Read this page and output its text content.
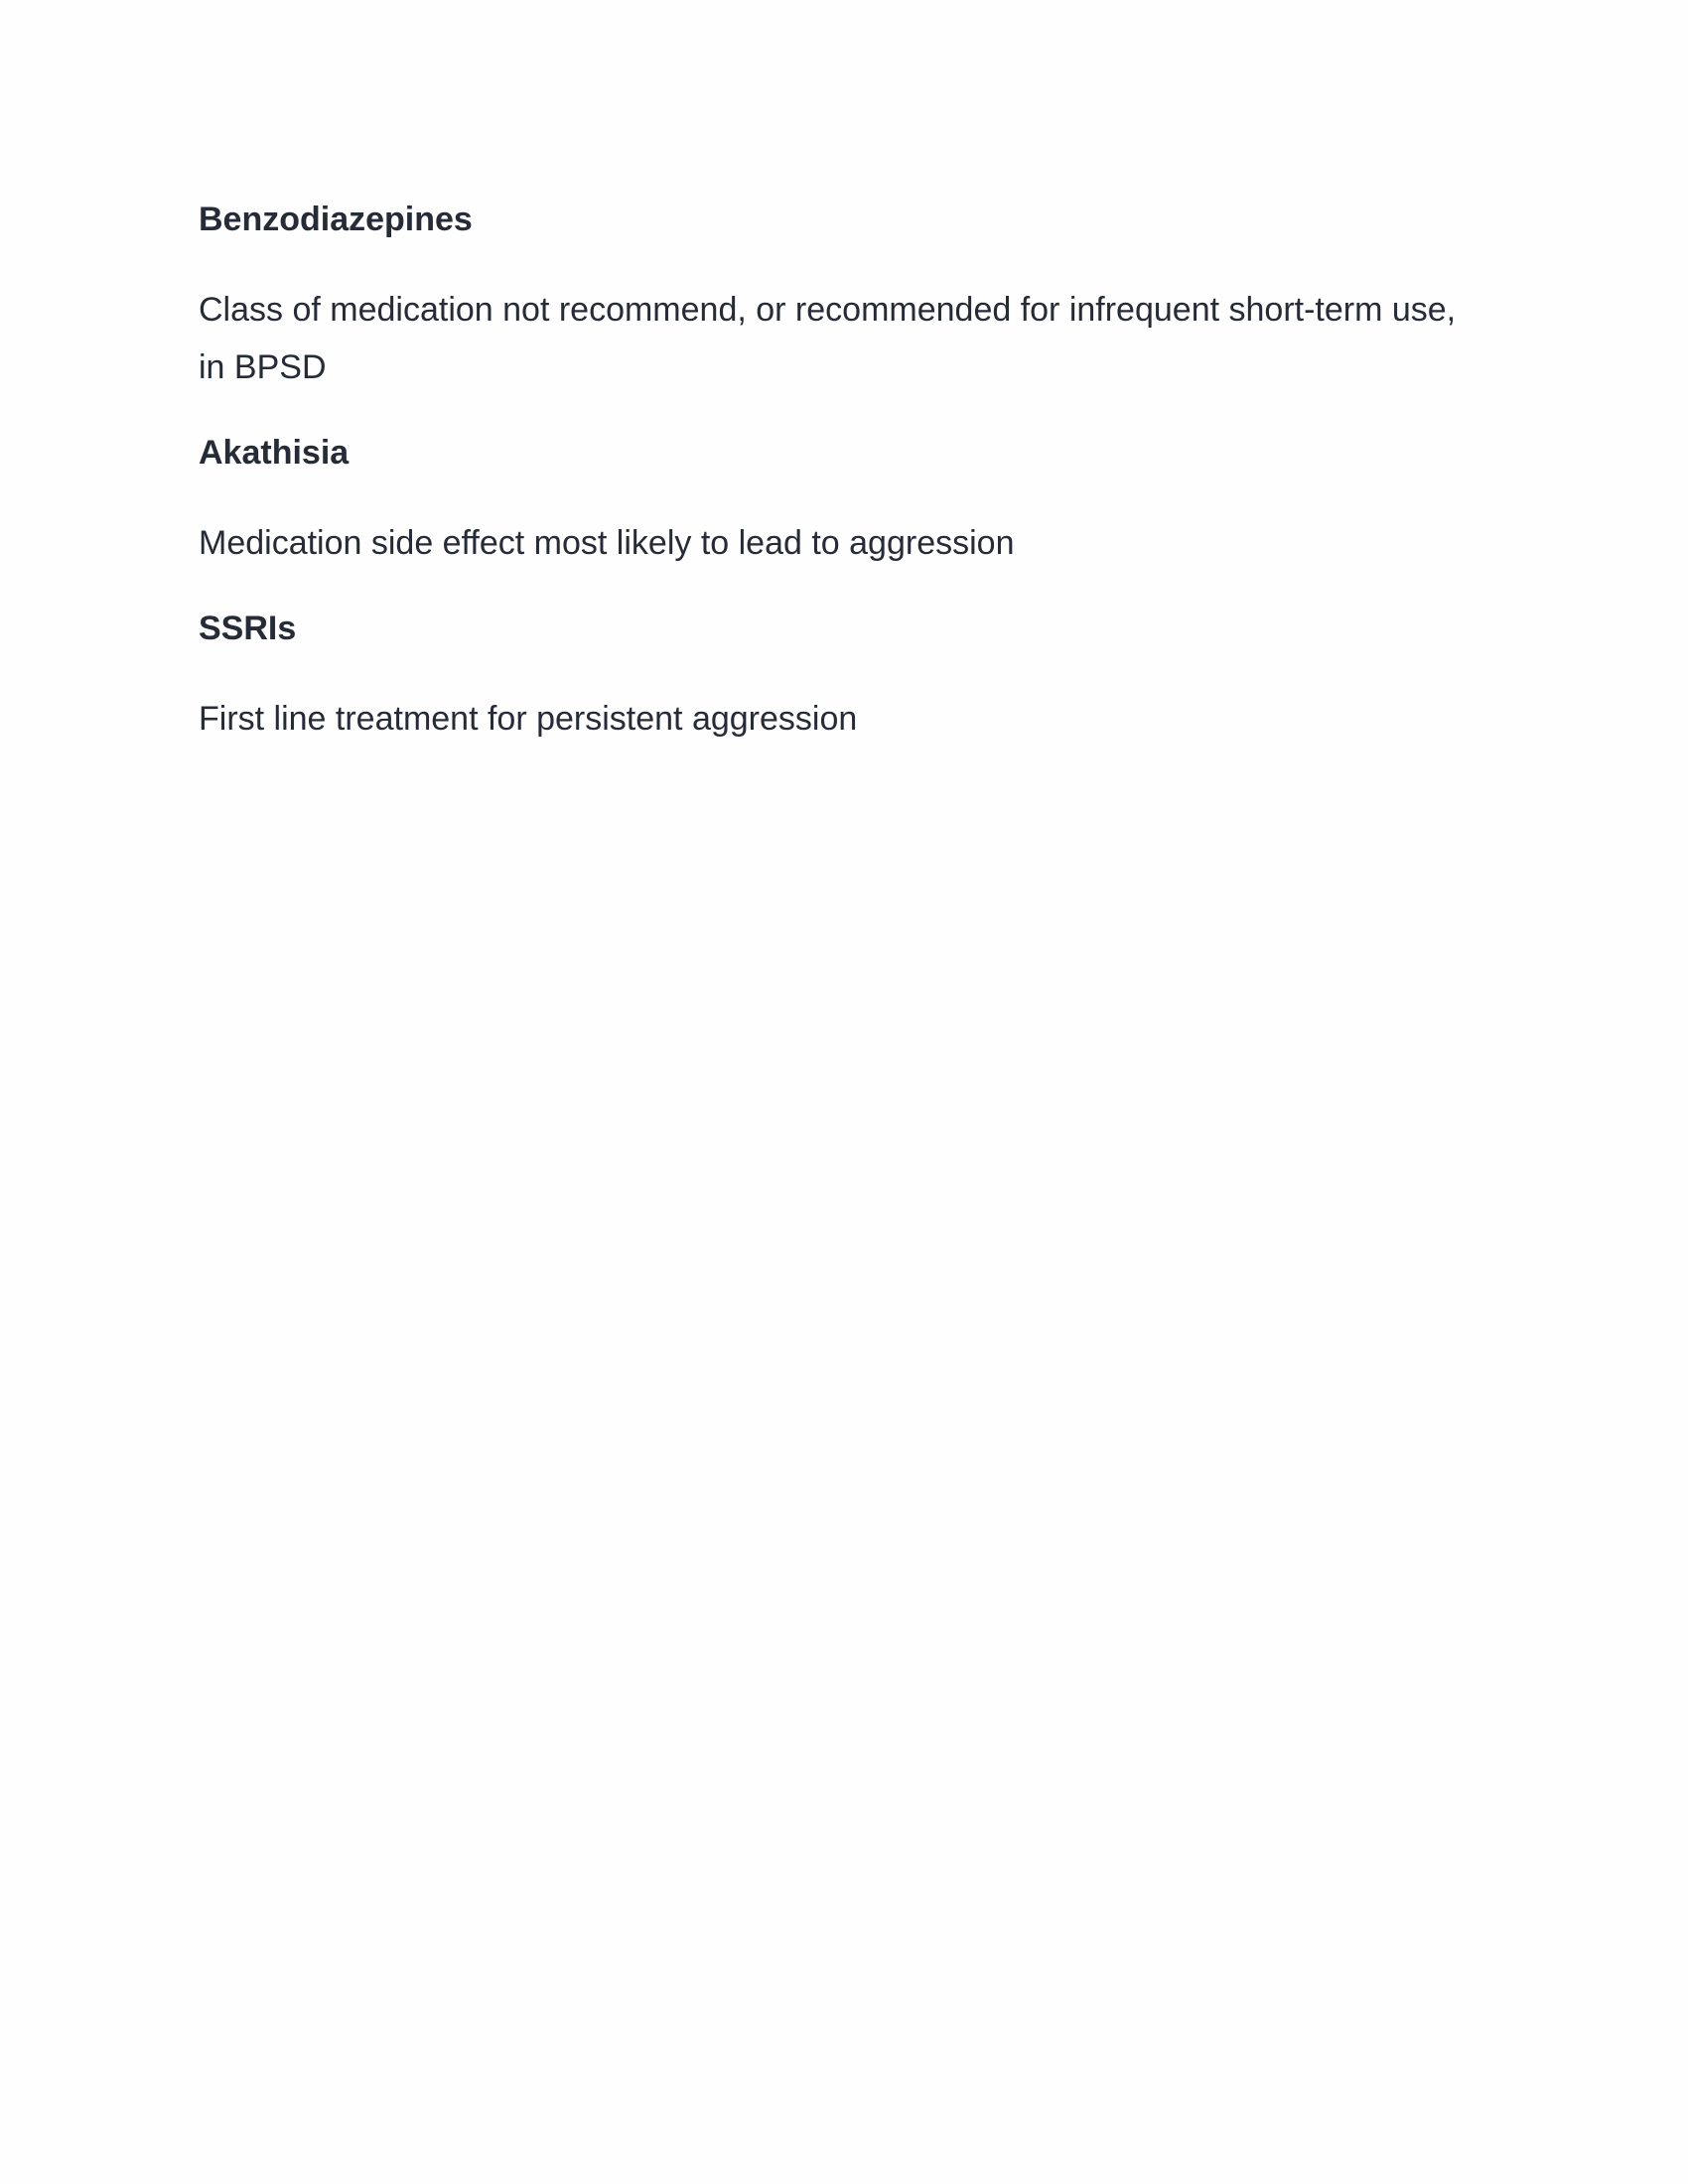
Benzodiazepines

Class of medication not recommend, or recommended for infrequent short-term use, in BPSD

Akathisia

Medication side effect most likely to lead to aggression

SSRIs

First line treatment for persistent aggression
